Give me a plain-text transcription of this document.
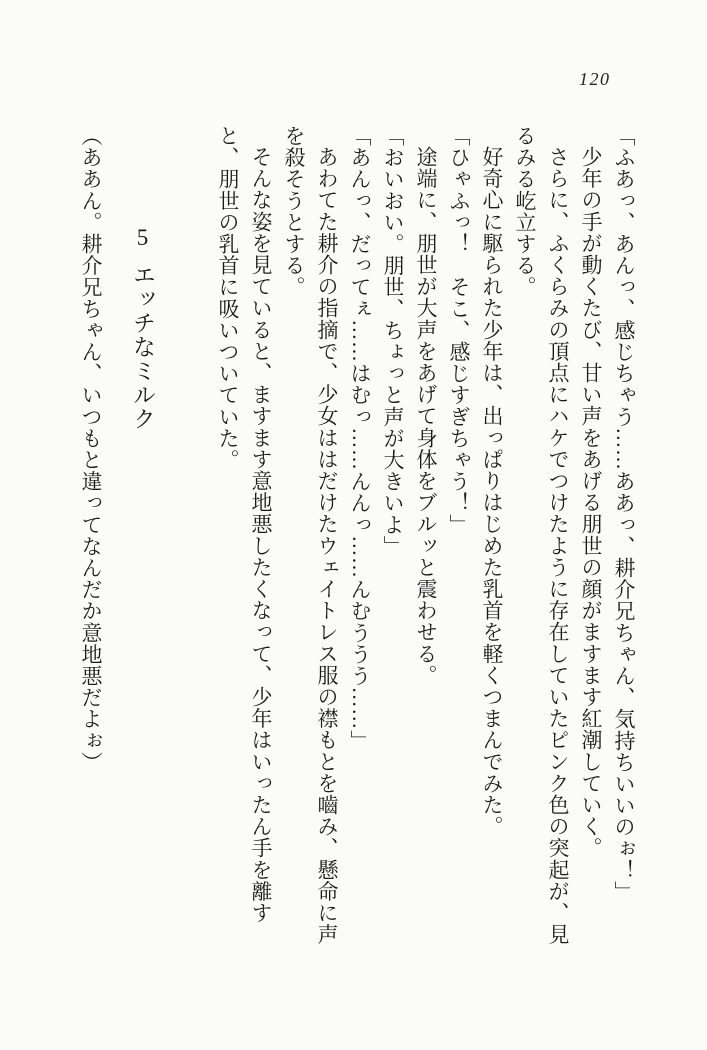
120

「ふあっ、あんっ、感じちゃう……ああっ、耕介兄ちゃん、気持ちいいのぉ！」

少年の手が動くたび、甘い声をあげる朋世の顔がますます紅潮していく。

さらに、ふくらみの頂点にハケでつけたように存在していたピンク色の突起が、見るみる屹立する。

好奇心に駆られた少年は、出っぱりはじめた乳首を軽くつまんでみた。

「ひゃふっ！　そこ、感じすぎちゃう！」

途端に、朋世が大声をあげて身体をブルッと震わせる。

「おいおい。朋世、ちょっと声が大きいよ」

「あんっ、だってぇ……はむっ……んんっ……んむううう……」

あわてた耕介の指摘で、少女ははだけたウェイトレス服の襟もとを嚙み、懸命に声を殺そうとする。

そんな姿を見ていると、ますます意地悪したくなって、少年はいったん手を離すと、朋世の乳首に吸いついていた。

5エッチなミルク

（ああん。耕介兄ちゃん、いつもと違ってなんだか意地悪だよぉ）
